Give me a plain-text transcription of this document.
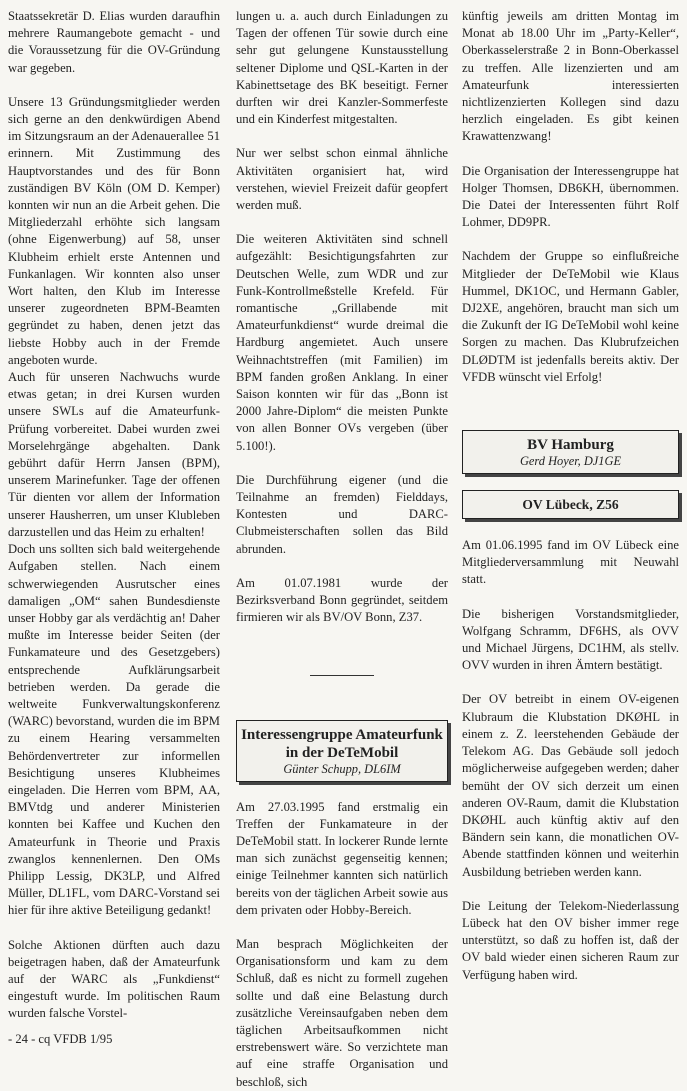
Staatssekretär D. Elias wurden daraufhin mehrere Raumangebote gemacht - und die Voraussetzung für die OV-Gründung war gegeben.

Unsere 13 Gründungsmitglieder werden sich gerne an den denkwürdigen Abend im Sitzungsraum an der Adenauerallee 51 erinnern. Mit Zustimmung des Hauptvorstandes und des für Bonn zuständigen BV Köln (OM D. Kemper) konnten wir nun an die Arbeit gehen. Die Mitgliederzahl erhöhte sich langsam (ohne Eigenwerbung) auf 58, unser Klubheim erhielt erste Antennen und Funkanlagen. Wir konnten also unser Wort halten, den Klub im Interesse unserer zugeordneten BPM-Beamten gegründet zu haben, denen jetzt das liebste Hobby auch in der Fremde angeboten wurde.

Auch für unseren Nachwuchs wurde etwas getan; in drei Kursen wurden unsere SWLs auf die Amateurfunk-Prüfung vorbereitet. Dabei wurden zwei Morselehrgänge abgehalten. Dank gebührt dafür Herrn Jansen (BPM), unserem Marinefunker. Tage der offenen Tür dienten vor allem der Information unserer Hausherren, um unser Klubleben darzustellen und das Heim zu erhalten!

Doch uns sollten sich bald weitergehende Aufgaben stellen. Nach einem schwerwiegenden Ausrutscher eines damaligen „OM“ sahen Bundesdienste unser Hobby gar als verdächtig an! Daher mußte im Interesse beider Seiten (der Funkamateure und des Gesetzgebers) entsprechende Aufklärungsarbeit betrieben werden. Da gerade die weltweite Funkverwaltungskonferenz (WARC) bevorstand, wurden die im BPM zu einem Hearing versammelten Behördenvertreter zur informellen Besichtigung unseres Klubheimes eingeladen. Die Herren vom BPM, AA, BMVtdg und anderer Ministerien konnten bei Kaffee und Kuchen den Amateurfunk in Theorie und Praxis zwanglos kennenlernen. Den OMs Philipp Lessig, DK3LP, und Alfred Müller, DL1FL, vom DARC-Vorstand sei hier für ihre aktive Beteiligung gedankt!

Solche Aktionen dürften auch dazu beigetragen haben, daß der Amateurfunk auf der WARC als „Funkdienst“ eingestuft wurde. Im politischen Raum wurden falsche Vorstel-

lungen u. a. auch durch Einladungen zu Tagen der offenen Tür sowie durch eine sehr gut gelungene Kunstausstellung seltener Diplome und QSL-Karten in der Kabinettsetage des BK beseitigt. Ferner durften wir drei Kanzler-Sommerfeste und ein Kinderfest mitgestalten.

Nur wer selbst schon einmal ähnliche Aktivitäten organisiert hat, wird verstehen, wieviel Freizeit dafür geopfert werden muß.

Die weiteren Aktivitäten sind schnell aufgezählt: Besichtigungsfahrten zur Deutschen Welle, zum WDR und zur Funk-Kontrollmeßstelle Krefeld. Für romantische „Grillabende mit Amateurfunkdienst“ wurde dreimal die Hardburg angemietet. Auch unsere Weihnachtstreffen (mit Familien) im BPM fanden großen Anklang. In einer Saison konnten wir für das „Bonn ist 2000 Jahre-Diplom“ die meisten Punkte von allen Bonner OVs vergeben (über 5.100!).

Die Durchführung eigener (und die Teilnahme an fremden) Fielddays, Kontesten und DARC-Clubmeisterschaften sollen das Bild abrunden.

Am 01.07.1981 wurde der Bezirksverband Bonn gegründet, seitdem firmieren wir als BV/OV Bonn, Z37.

Interessengruppe Amateurfunk in der DeTeMobil
Günter Schupp, DL6IM

Am 27.03.1995 fand erstmalig ein Treffen der Funkamateure in der DeTeMobil statt. In lockerer Runde lernte man sich zunächst gegenseitig kennen; einige Teilnehmer kannten sich natürlich bereits von der täglichen Arbeit sowie aus dem privaten oder Hobby-Bereich.

Man besprach Möglichkeiten der Organisationsform und kam zu dem Schluß, daß es nicht zu formell zugehen sollte und daß eine Belastung durch zusätzliche Vereinsaufgaben neben dem täglichen Arbeitsaufkommen nicht erstrebenswert wäre. So verzichtete man auf eine straffe Organisation und beschloß, sich

künftig jeweils am dritten Montag im Monat ab 18.00 Uhr im „Party-Keller“, Oberkasselerstraße 2 in Bonn-Oberkassel zu treffen. Alle lizenzierten und am Amateurfunk interessierten nichtlizenzierten Kollegen sind dazu herzlich eingeladen. Es gibt keinen Krawattenzwang!

Die Organisation der Interessengruppe hat Holger Thomsen, DB6KH, übernommen. Die Datei der Interessenten führt Rolf Lohmer, DD9PR.

Nachdem der Gruppe so einflußreiche Mitglieder der DeTeMobil wie Klaus Hummel, DK1OC, und Hermann Gabler, DJ2XE, angehören, braucht man sich um die Zukunft der IG DeTeMobil wohl keine Sorgen zu machen. Das Klubrufzeichen DLØDTM ist jedenfalls bereits aktiv. Der VFDB wünscht viel Erfolg!

BV Hamburg
Gerd Hoyer, DJ1GE
OV Lübeck, Z56

Am 01.06.1995 fand im OV Lübeck eine Mitgliederversammlung mit Neuwahl statt.

Die bisherigen Vorstandsmitglieder, Wolfgang Schramm, DF6HS, als OVV und Michael Jürgens, DC1HM, als stellv. OVV wurden in ihren Ämtern bestätigt.

Der OV betreibt in einem OV-eigenen Klubraum die Klubstation DKØHL in einem z. Z. leerstehenden Gebäude der Telekom AG. Das Gebäude soll jedoch möglicherweise aufgegeben werden; daher bemüht der OV sich derzeit um einen anderen OV-Raum, damit die Klubstation DKØHL auch künftig aktiv auf den Bändern sein kann, die monatlichen OV-Abende stattfinden können und weiterhin Ausbildung betrieben werden kann.

Die Leitung der Telekom-Niederlassung Lübeck hat den OV bisher immer rege unterstützt, so daß zu hoffen ist, daß der OV bald wieder einen sicheren Raum zur Verfügung haben wird.

- 24 - cq VFDB 1/95
